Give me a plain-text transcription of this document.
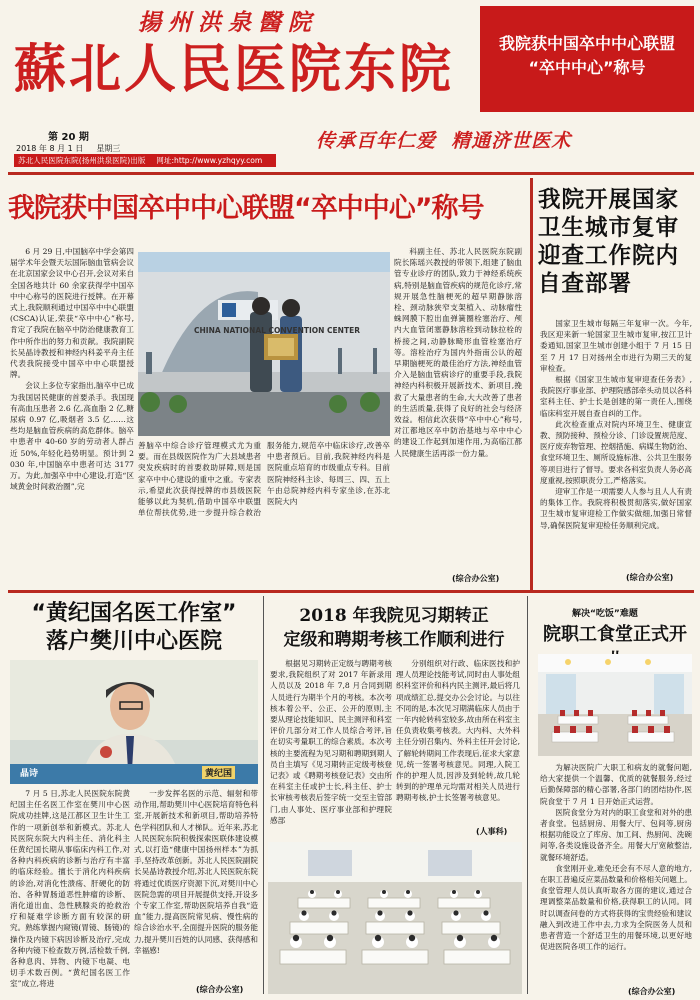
揚州洪泉醫院
蘇北人民医院东院
第 20 期
2018 年 8 月 1 日 星期三
苏北人民医院东院(扬州洪泉医院)出版 网址:http://www.yzhqyy.com
传承百年仁爱  精通济世医术
我院获中国卒中中心联盟
“卒中中心”称号
我院获中国卒中中心联盟“卒中中心”称号

6 月 29 日,中国脑卒中学会第四届学术年会暨天坛国际脑血管病会议在北京国家会议中心召开,会议对来自全国各地共计 60 余家获得学中国卒中中心称号的医院进行授牌。在开幕式上,我院顺利通过中国卒中中心联盟(CSCA)认证,荣获“卒中中心”称号,肯定了我院在脑卒中防治健康教育工作中所作出的努力和贡献。我院副院长吴晶诗教授和神经内科姜平舟主任代表我院接受中国卒中中心联盟授牌。

会议上多位专家指出,脑卒中已成为我国居民健康的首要杀手。我国现有高血压患者 2.6 亿,高血脂 2 亿,糖尿病 0.97 亿,吸烟者 3.5 亿……这些均是脑血管疾病的高危群体。脑卒中患者中 40-60 岁的劳动者人群占近 50%,年轻化趋势明显。预计到 2030 年,中国脑卒中患者可达 3177 万。为此,加强卒中中心建设,打造“区域黄金时间救治圈”,完

CHINA NATIONAL CONVENTION CENTER
善脑卒中综合诊疗管理模式尤为重要。而在县级医院作为广大县域患者突发疾病时的首要救助屏障,则是国家卒中中心建设的重中之重。专家表示,希望此次获得授牌的市县级医院能够以此为契机,借助中国卒中联盟单位帮扶优势,进一步提升综合救治服务能力,规范卒中临床诊疗,改善卒中患者预后。目前,我院神经内科是医院重点培育的市级重点专科。目前医院神经科主诊、每周三、四、五上午由总院神经内科专家坐诊,在苏北医院大内

科副主任、苏北人民医院东院副院长陈瑶兴教授的带领下,组建了脑血管专业诊疗的团队,致力于神经系统疾病,特别是脑血管疾病的规范化诊疗,常规开展急性脑梗死的超早期静脉溶栓、颈动脉狭窄支架植入、动脉瘤性蛛网膜下腔出血弹簧圈栓塞治疗、颅内大血管闭塞静脉溶栓到动脉拉栓的桥接之间,动静脉畸形血管栓塞治疗等。溶栓治疗为国内外指南公认的超早期脑梗死的最佳治疗方法,神经血管介入是脑血管病诊疗的重要手段,我院神经内科积极开展新技术、新项目,挽救了大量患者的生命,大大改善了患者的生活质量,获得了良好的社会与经济效益。相信此次获得“卒中中心”称号,对江都地区卒中防治基地与卒中中心的建设工作起到加速作用,为高临江都人民健康生活再添一份力量。

(综合办公室)
我院开展国家卫生城市复审迎查工作院内自查部署

国家卫生城市每隔三年复审一次。今年,我区迎来新一轮国家卫生城市复审,按江卫计委通知,国家卫生城市创建小组于 7 月 15 日至 7 月 17 日对扬州全市进行为期三天的复审检查。

根据《国家卫生城市复审迎查任务表》,我院医疗事业部、护理院感部牵头动员以各科室科主任、护士长是创建的第一责任人,围绕临床科室开展自查自纠的工作。

此次检查重点对院内环境卫生、健康宣教、预防接种、预检分诊、门诊设置规范度、医疗废弃物管理、控烟措施、病媒生物防治、食堂环境卫生、厕所设施标准、公共卫生服务等项目进行了督导。要求各科室负责人务必高度重视,按照职责分工,严格落实。

迎审工作是一项需要人人参与且人人有责的集体工作。我院将积极贯彻落实,做好国家卫生城市复审迎检工作做实做细,加强日常督导,确保医院复审迎检任务顺利完成。

(综合办公室)
“黄纪国名医工作室”
落户樊川中心医院
晶诗	黄纪国

7 月 5 日,苏北人民医院东院黄纪国主任名医工作室在樊川中心医院成功挂牌,这是江都区卫生计生工作的一项新创举和新模式。苏北人民医院东院大内科主任、消化科主任黄纪国长期从事临床内科工作,对各种内科疾病的诊断与治疗有丰富的临床经验。擅长于消化内科疾病的诊治,对消化性溃疡、肝硬化的防治、各种胃肠道恶性肿瘤的诊断、消化道出血、急性胰腺炎的抢救治疗和疑难学诊断方面有较深的研究。熟练掌握内窥镜(胃镜、肠镜)的操作及内镜下病因诊断及治疗,完成各种内镜下检查数万例,活检数千例,各种息肉、异物、内镜下电凝、电切手术数百例。“黄纪国名医工作室”成立,将进

一步发挥名医的示范、辐射和带动作用,帮助樊川中心医院培育特色科室,开展新技术和新项目,帮助培养特色学科团队和人才梯队。近年来,苏北人民医院东院积极探索医联体建设模式,以打造“健康中国扬州样本”为抓手,坚持改革创新。苏北人民医院副院长吴晶诗教授介绍,苏北人民医院东院将通过优质医疗资源下沉,对樊川中心医院急需的项目开展提供支持,开设多个专家工作室,帮助医院培养自我“造血”能力,提高医院常见病、慢性病的综合诊治水平,全面提升医院的服务能力,提升樊川百姓的认同感、获得感和幸福感!

(综合办公室)
2018 年我院见习期转正
定级和聘期考核工作顺利进行

根据见习期转正定级与聘期考核要求,我院组织了对 2017 年新录用人员以及 2018 年 7,8 月合同到期人员进行为期半个月的考核。本次考核本着公平、公正、公开的原则,主要从理论技能知识、民主测评和科室评价几部分对工作人员综合考评,旨在切实考量职工的综合素质。本次考核的主要流程为见习期和聘期到期人员自主填写《见习期转正定级考核登记表》或《聘期考核登记表》交由所在科室主任或护士长,科主任、护士长审核考核表后签字统一交至主管部门,由人事处、医疗事业部和护理院感部

分别组织对行政、临床医技和护理人员理论技能考试,同时由人事处组织科室评价和科内民主测评,最后将几项成绩汇总,提交办公会讨论。与以往不同的是,本次见习期满临床人员由于一年内轮转科室较多,故由所在科室主任负责收集考核表。大内科、大外科主任分别召集内、外科主任开会讨论,了解轮转期间工作表现后,征求大家意见,统一签署考核意见。同理,入院工作的护理人员,因涉及到轮转,故几轮转到的护理单元均需对相关人员进行聘期考核,护士长签署考核意见。

(人事科)
解决“吃饭”难题
院职工食堂正式开

为解决医院广大职工和病友的就餐问题,给大家提供一个温馨、优质的就餐服务,经过后勤保障部的精心部署,各部门的团结协作,医院食堂于 7 月 1 日开始正式运营。

医院食堂分为对内的职工食堂和对外的患者食堂。包括厨房、用餐大厅、包间等,厨房根据功能设立了库房、加工间、热厨间、洗碗间等,各类设施设备齐全。用餐大厅宽敞整洁,就餐环境舒适。

食堂刚开业,难免还会有不尽人意的地方,在职工普遍反应菜品数量和价格相关问题上。食堂管理人员认真听取各方面的建议,通过合理调整菜品数量和价格,获得职工的认同。同时以调查问卷的方式将获得的宝贵经验和建议融入到改进工作中去,力求为全院医务人员和患者营造一个舒适卫生的用餐环境,以更好地促进医院各项工作的运行。

(综合办公室)
